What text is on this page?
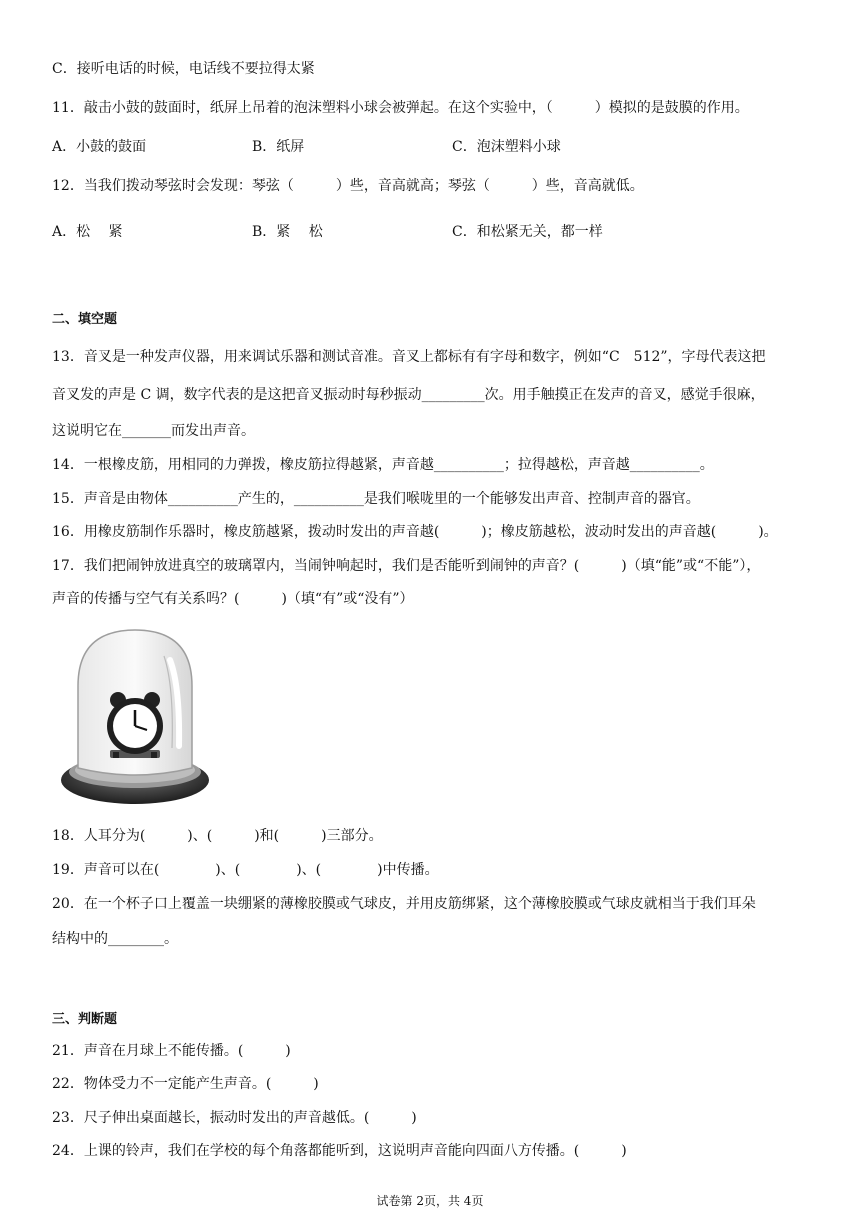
C．接听电话的时候，电话线不要拉得太紧
11．敲击小鼓的鼓面时，纸屏上吊着的泡沫塑料小球会被弹起。在这个实验中，（　　　）模拟的是鼓膜的作用。
A．小鼓的鼓面	B．纸屏	C．泡沫塑料小球
12．当我们拨动琴弦时会发现：琴弦（　　　）些，音高就高；琴弦（　　　）些，音高就低。
A．松　 紧	B．紧　 松	C．和松紧无关，都一样
二、填空题
13．音叉是一种发声仪器，用来调试乐器和测试音准。音叉上都标有有字母和数字，例如“C　512”，字母代表这把
音叉发的声是 C 调，数字代表的是这把音叉振动时每秒振动_________次。用手触摸正在发声的音叉，感觉手很麻，
这说明它在_______而发出声音。
14．一根橡皮筋，用相同的力弹拨，橡皮筋拉得越紧，声音越__________；拉得越松，声音越__________。
15．声音是由物体__________产生的，__________是我们喉咙里的一个能够发出声音、控制声音的器官。
16．用橡皮筋制作乐器时，橡皮筋越紧，拨动时发出的声音越(　　　)；橡皮筋越松，波动时发出的声音越(　　　)。
17．我们把闹钟放进真空的玻璃罩内，当闹钟响起时，我们是否能听到闹钟的声音？(　　　)（填“能”或“不能”），
声音的传播与空气有关系吗？(　　　)（填“有”或“没有”）
18．人耳分为(　　　)、(　　　)和(　　　)三部分。
19．声音可以在(　　　　)、(　　　　)、(　　　　)中传播。
20．在一个杯子口上覆盖一块绷紧的薄橡胶膜或气球皮，并用皮筋绑紧，这个薄橡胶膜或气球皮就相当于我们耳朵
结构中的________。
三、判断题
21．声音在月球上不能传播。(　　　)
22．物体受力不一定能产生声音。(　　　)
23．尺子伸出桌面越长，振动时发出的声音越低。(　　　)
24．上课的铃声，我们在学校的每个角落都能听到，这说明声音能向四面八方传播。(　　　)
试卷第 2页，共 4页
